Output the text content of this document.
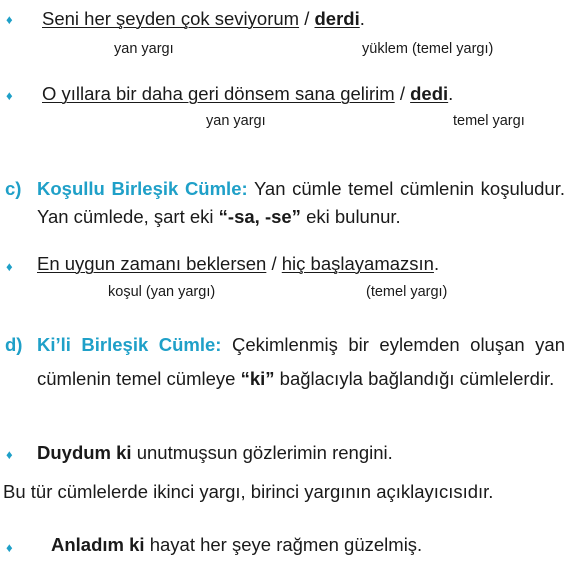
♦ Seni her şeyden çok seviyorum / derdi.
yan yargı	yüklem (temel yargı)
♦ O yıllara bir daha geri dönsem sana gelirim / dedi.
yan yargı	temel yargı
c) Koşullu Birleşik Cümle: Yan cümle temel cümlenin koşuludur. Yan cümlede, şart eki “-sa, -se” eki bulunur.
♦ En uygun zamanı beklersen / hiç başlayamazsın.
koşul (yan yargı)	(temel yargı)
d) Ki’li Birleşik Cümle: Çekimlenmiş bir eylemden oluşan yan cümlenin temel cümleye “ki” bağlacıyla bağlandığı cümlelerdir.
♦ Duydum ki unutmuşsun gözlerimin rengini.
Bu tür cümlelerde ikinci yargı, birinci yargının açıklayıcısıdır.
♦ Anladım ki hayat her şeye rağmen güzelmiş.
